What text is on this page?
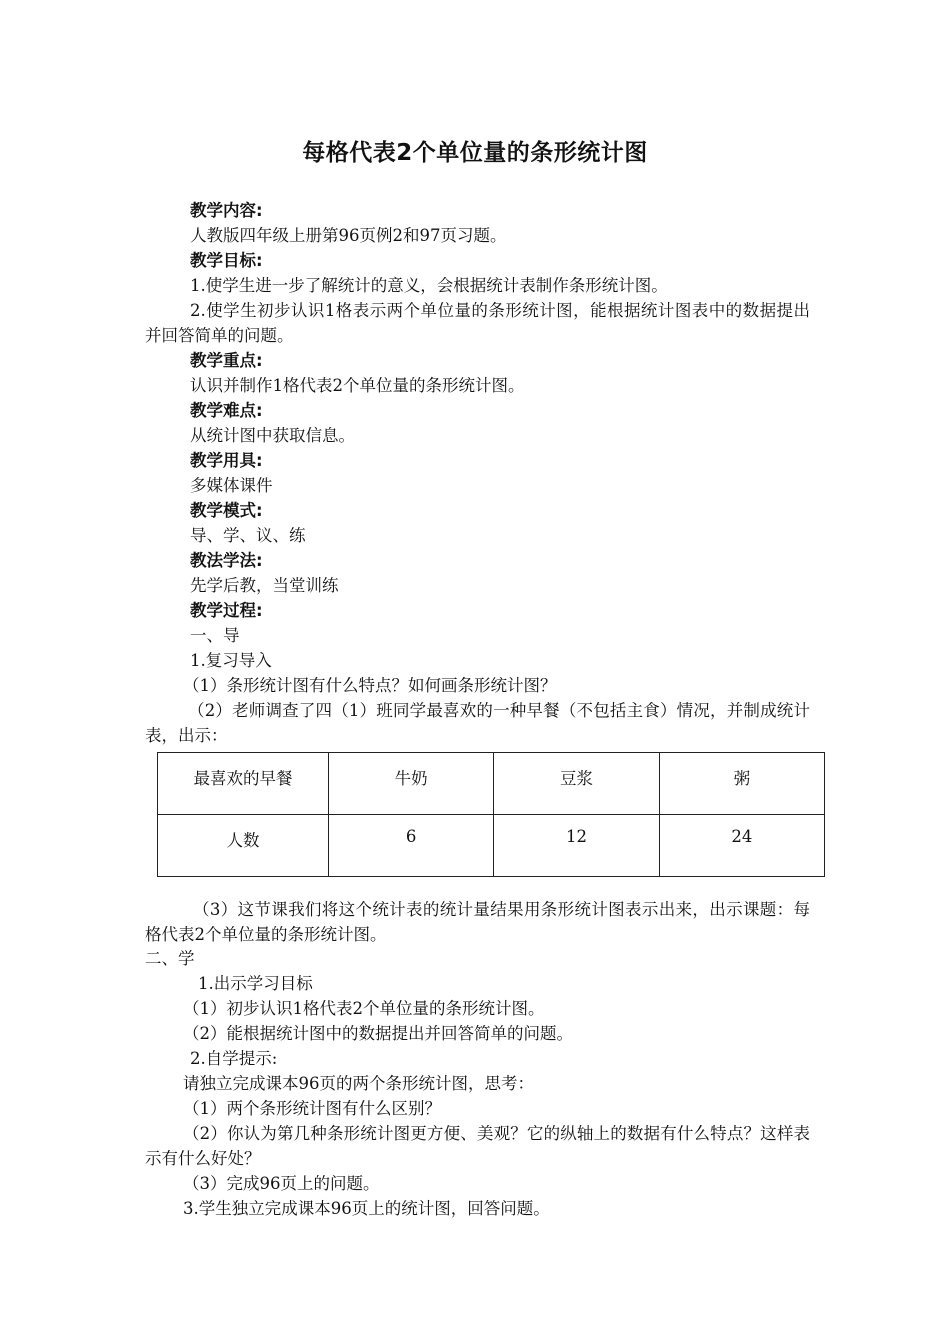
每格代表2个单位量的条形统计图
教学内容:
人教版四年级上册第96页例2和97页习题。
教学目标:
1.使学生进一步了解统计的意义，会根据统计表制作条形统计图。
2.使学生初步认识1格表示两个单位量的条形统计图，能根据统计图表中的数据提出并回答简单的问题。
教学重点:
认识并制作1格代表2个单位量的条形统计图。
教学难点:
从统计图中获取信息。
教学用具:
多媒体课件
教学模式:
导、学、议、练
教法学法:
先学后教，当堂训练
教学过程:
一、导
1.复习导入
（1）条形统计图有什么特点？如何画条形统计图？
（2）老师调查了四（1）班同学最喜欢的一种早餐（不包括主食）情况，并制成统计表，出示：
最喜欢的早餐	牛奶	豆浆	粥
人数	6	12	24
（3）这节课我们将这个统计表的统计量结果用条形统计图表示出来，出示课题：每格代表2个单位量的条形统计图。
二、学
1.出示学习目标
（1）初步认识1格代表2个单位量的条形统计图。
（2）能根据统计图中的数据提出并回答简单的问题。
2.自学提示:
请独立完成课本96页的两个条形统计图，思考：
（1）两个条形统计图有什么区别？
（2）你认为第几种条形统计图更方便、美观？它的纵轴上的数据有什么特点？这样表示有什么好处？
（3）完成96页上的问题。
3.学生独立完成课本96页上的统计图，回答问题。
